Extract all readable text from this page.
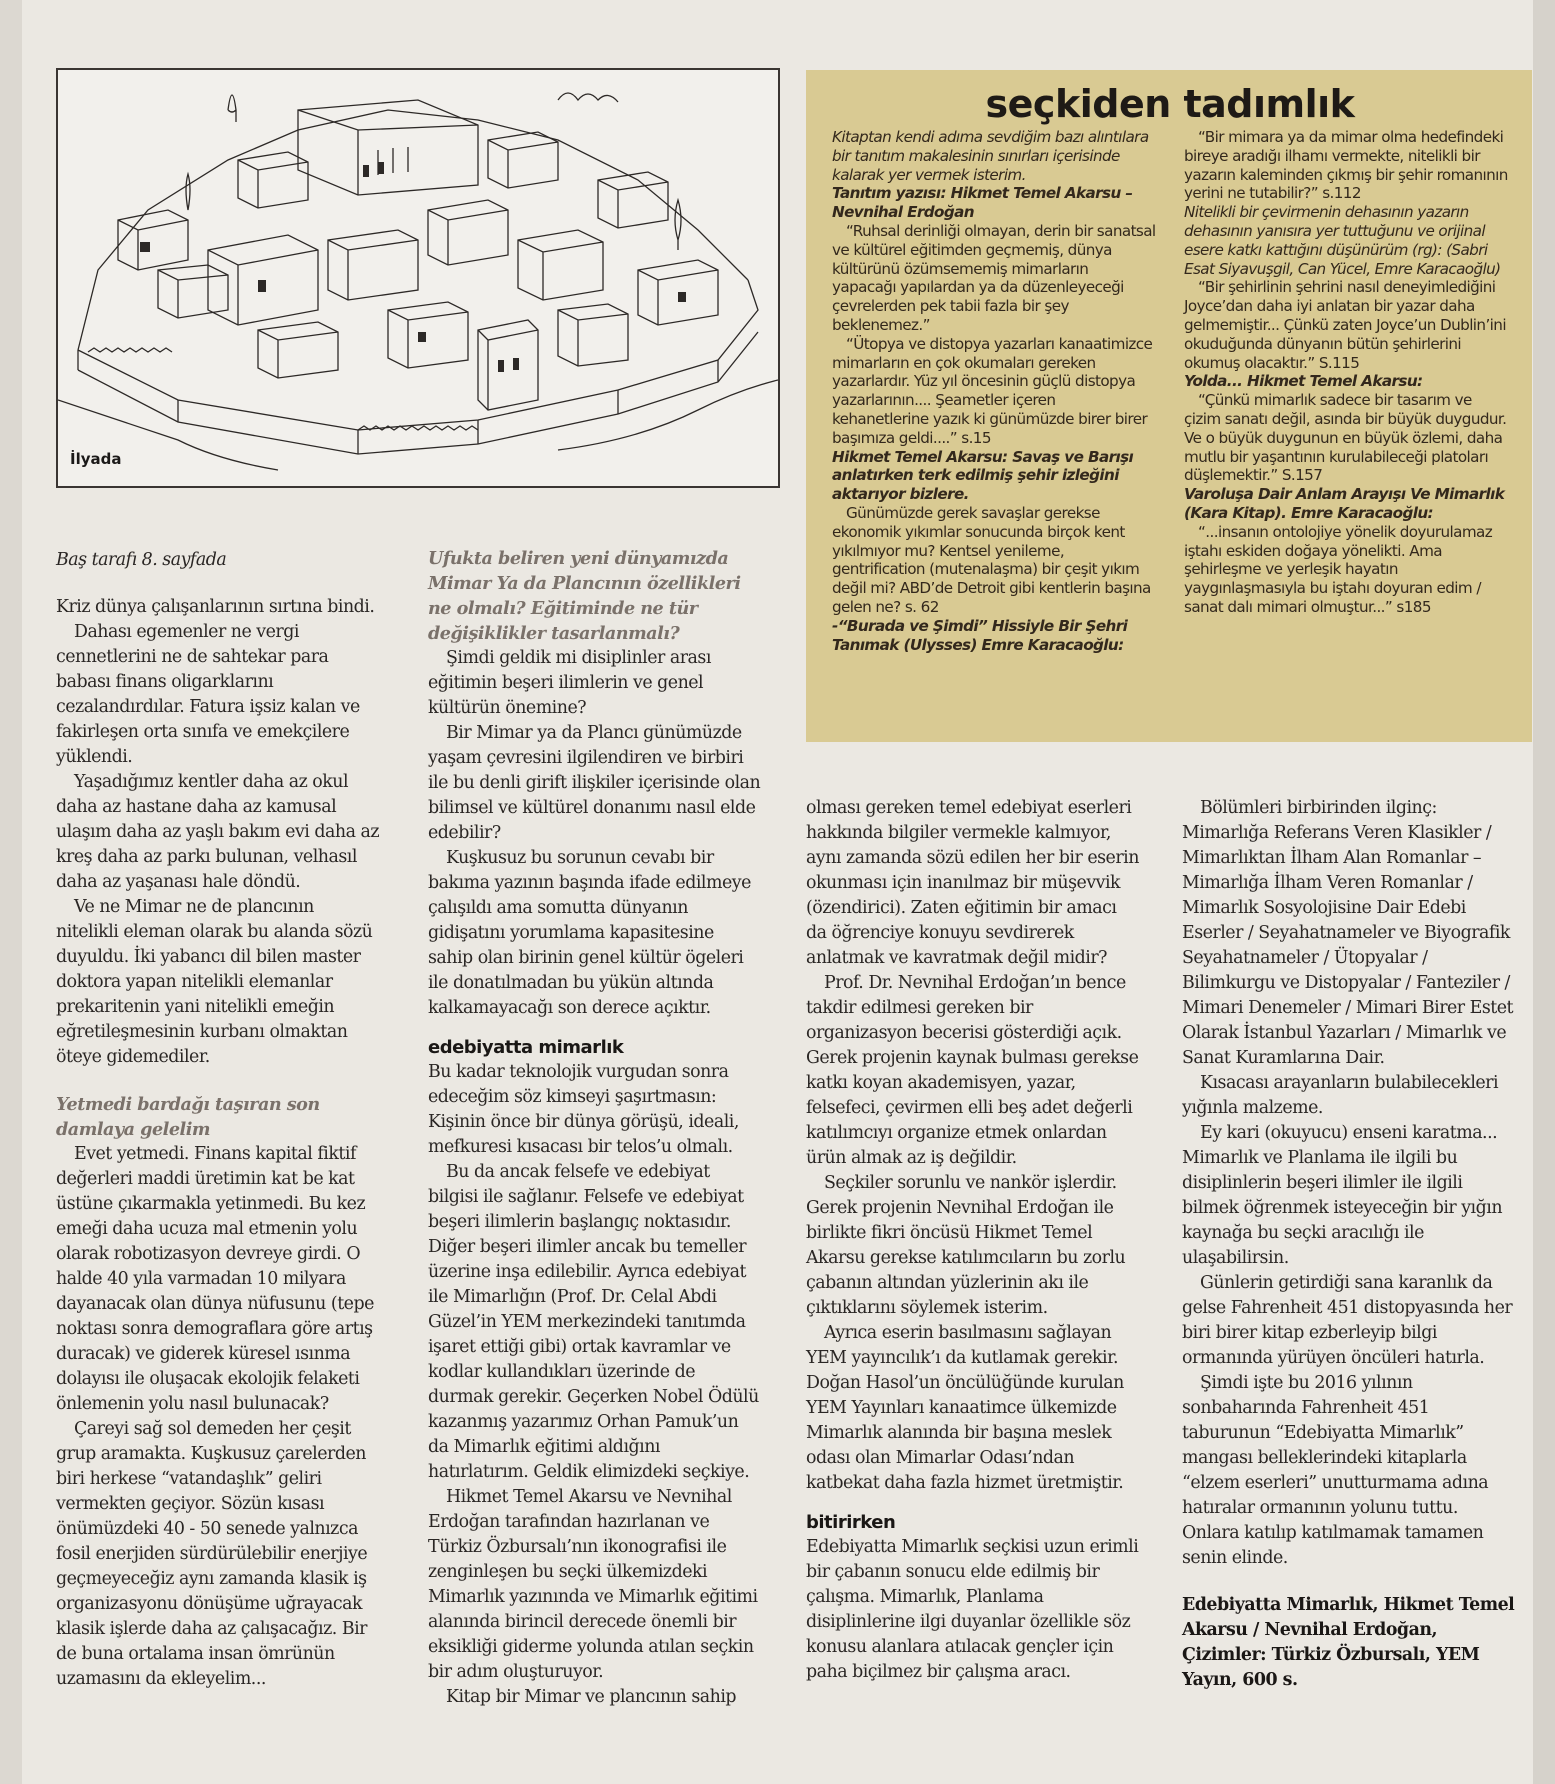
İlyada
seçkiden tadımlık

Kitaptan kendi adıma sevdiğim bazı alıntılara bir tanıtım makalesinin sınırları içerisinde kalarak yer vermek isterim.

Tanıtım yazısı: Hikmet Temel Akarsu – Nevnihal Erdoğan

“Ruhsal derinliği olmayan, derin bir sanatsal ve kültürel eğitimden geçmemiş, dünya kültürünü özümsememiş mimarların yapacağı yapılardan ya da düzenleyeceği çevrelerden pek tabii fazla bir şey beklenemez.”

“Ütopya ve distopya yazarları kanaatimizce mimarların en çok okumaları gereken yazarlardır. Yüz yıl öncesinin güçlü distopya yazarlarının.... Şeametler içeren kehanetlerine yazık ki günümüzde birer birer başımıza geldi....” s.15

Hikmet Temel Akarsu: Savaş ve Barışı anlatırken terk edilmiş şehir izleğini aktarıyor bizlere.

Günümüzde gerek savaşlar gerekse ekonomik yıkımlar sonucunda birçok kent yıkılmıyor mu? Kentsel yenileme, gentrification (mutenalaşma) bir çeşit yıkım değil mi? ABD’de Detroit gibi kentlerin başına gelen ne? s. 62

-“Burada ve Şimdi” Hissiyle Bir Şehri Tanımak (Ulysses) Emre Karacaoğlu:

“Bir mimara ya da mimar olma hedefindeki bireye aradığı ilhamı vermekte, nitelikli bir yazarın kaleminden çıkmış bir şehir romanının yerini ne tutabilir?” s.112

Nitelikli bir çevirmenin dehasının yazarın dehasının yanısıra yer tuttuğunu ve orijinal esere katkı kattığını düşünürüm (rg): (Sabri Esat Siyavuşgil, Can Yücel, Emre Karacaoğlu)

“Bir şehirlinin şehrini nasıl deneyimlediğini Joyce’dan daha iyi anlatan bir yazar daha gelmemiştir... Çünkü zaten Joyce’un Dublin’ini okuduğunda dünyanın bütün şehirlerini okumuş olacaktır.” S.115

Yolda... Hikmet Temel Akarsu:

“Çünkü mimarlık sadece bir tasarım ve çizim sanatı değil, asında bir büyük duygudur. Ve o büyük duygunun en büyük özlemi, daha mutlu bir yaşantının kurulabileceği platoları düşlemektir.” S.157

Varoluşa Dair Anlam Arayışı Ve Mimarlık (Kara Kitap). Emre Karacaoğlu:

“...insanın ontolojiye yönelik doyurulamaz iştahı eskiden doğaya yönelikti. Ama şehirleşme ve yerleşik hayatın yaygınlaşmasıyla bu iştahı doyuran edim / sanat dalı mimari olmuştur...” s185

Baş tarafı 8. sayfada

Kriz dünya çalışanlarının sırtına bindi.

Dahası egemenler ne vergi cennetlerini ne de sahtekar para babası finans oligarklarını cezalandırdılar. Fatura işsiz kalan ve fakirleşen orta sınıfa ve emekçilere yüklendi.

Yaşadığımız kentler daha az okul daha az hastane daha az kamusal ulaşım daha az yaşlı bakım evi daha az kreş daha az parkı bulunan, velhasıl daha az yaşanası hale döndü.

Ve ne Mimar ne de plancının nitelikli eleman olarak bu alanda sözü duyuldu. İki yabancı dil bilen master doktora yapan nitelikli elemanlar prekaritenin yani nitelikli emeğin eğretileşmesinin kurbanı olmaktan öteye gidemediler.

Yetmedi bardağı taşıran son damlaya gelelim

Evet yetmedi. Finans kapital fiktif değerleri maddi üretimin kat be kat üstüne çıkarmakla yetinmedi. Bu kez emeği daha ucuza mal etmenin yolu olarak robotizasyon devreye girdi. O halde 40 yıla varmadan 10 milyara dayanacak olan dünya nüfusunu (tepe noktası sonra demograflara göre artış duracak) ve giderek küresel ısınma dolayısı ile oluşacak ekolojik felaketi önlemenin yolu nasıl bulunacak?

Çareyi sağ sol demeden her çeşit grup aramakta. Kuşkusuz çarelerden biri herkese “vatandaşlık” geliri vermekten geçiyor. Sözün kısası önümüzdeki 40 - 50 senede yalnızca fosil enerjiden sürdürülebilir enerjiye geçmeyeceğiz aynı zamanda klasik iş organizasyonu dönüşüme uğrayacak klasik işlerde daha az çalışacağız. Bir de buna ortalama insan ömrünün uzamasını da ekleyelim...

Ufukta beliren yeni dünyamızda Mimar Ya da Plancının özellikleri ne olmalı? Eğitiminde ne tür değişiklikler tasarlanmalı?

Şimdi geldik mi disiplinler arası eğitimin beşeri ilimlerin ve genel kültürün önemine?

Bir Mimar ya da Plancı günümüzde yaşam çevresini ilgilendiren ve birbiri ile bu denli girift ilişkiler içerisinde olan bilimsel ve kültürel donanımı nasıl elde edebilir?

Kuşkusuz bu sorunun cevabı bir bakıma yazının başında ifade edilmeye çalışıldı ama somutta dünyanın gidişatını yorumlama kapasitesine sahip olan birinin genel kültür ögeleri ile donatılmadan bu yükün altında kalkamayacağı son derece açıktır.

edebiyatta mimarlık

Bu kadar teknolojik vurgudan sonra edeceğim söz kimseyi şaşırtmasın: Kişinin önce bir dünya görüşü, ideali, mefkuresi kısacası bir telos’u olmalı.

Bu da ancak felsefe ve edebiyat bilgisi ile sağlanır. Felsefe ve edebiyat beşeri ilimlerin başlangıç noktasıdır. Diğer beşeri ilimler ancak bu temeller üzerine inşa edilebilir. Ayrıca edebiyat ile Mimarlığın (Prof. Dr. Celal Abdi Güzel’in YEM merkezindeki tanıtımda işaret ettiği gibi) ortak kavramlar ve kodlar kullandıkları üzerinde de durmak gerekir. Geçerken Nobel Ödülü kazanmış yazarımız Orhan Pamuk’un da Mimarlık eğitimi aldığını hatırlatırım. Geldik elimizdeki seçkiye.

Hikmet Temel Akarsu ve Nevnihal Erdoğan tarafından hazırlanan ve Türkiz Özbursalı’nın ikonografisi ile zenginleşen bu seçki ülkemizdeki Mimarlık yazınında ve Mimarlık eğitimi alanında birincil derecede önemli bir eksikliği giderme yolunda atılan seçkin bir adım oluşturuyor.

Kitap bir Mimar ve plancının sahip

olması gereken temel edebiyat eserleri hakkında bilgiler vermekle kalmıyor, aynı zamanda sözü edilen her bir eserin okunması için inanılmaz bir müşevvik (özendirici). Zaten eğitimin bir amacı da öğrenciye konuyu sevdirerek anlatmak ve kavratmak değil midir?

Prof. Dr. Nevnihal Erdoğan’ın bence takdir edilmesi gereken bir organizasyon becerisi gösterdiği açık. Gerek projenin kaynak bulması gerekse katkı koyan akademisyen, yazar, felsefeci, çevirmen elli beş adet değerli katılımcıyı organize etmek onlardan ürün almak az iş değildir.

Seçkiler sorunlu ve nankör işlerdir. Gerek projenin Nevnihal Erdoğan ile birlikte fikri öncüsü Hikmet Temel Akarsu gerekse katılımcıların bu zorlu çabanın altından yüzlerinin akı ile çıktıklarını söylemek isterim.

Ayrıca eserin basılmasını sağlayan YEM yayıncılık’ı da kutlamak gerekir. Doğan Hasol’un öncülüğünde kurulan YEM Yayınları kanaatimce ülkemizde Mimarlık alanında bir başına meslek odası olan Mimarlar Odası’ndan katbekat daha fazla hizmet üretmiştir.

bitirirken

Edebiyatta Mimarlık seçkisi uzun erimli bir çabanın sonucu elde edilmiş bir çalışma. Mimarlık, Planlama disiplinlerine ilgi duyanlar özellikle söz konusu alanlara atılacak gençler için paha biçilmez bir çalışma aracı.

Bölümleri birbirinden ilginç: Mimarlığa Referans Veren Klasikler / Mimarlıktan İlham Alan Romanlar – Mimarlığa İlham Veren Romanlar / Mimarlık Sosyolojisine Dair Edebi Eserler / Seyahatnameler ve Biyografik Seyahatnameler / Ütopyalar / Bilimkurgu ve Distopyalar / Fanteziler / Mimari Denemeler / Mimari Birer Estet Olarak İstanbul Yazarları / Mimarlık ve Sanat Kuramlarına Dair.

Kısacası arayanların bulabilecekleri yığınla malzeme.

Ey kari (okuyucu) enseni karatma... Mimarlık ve Planlama ile ilgili bu disiplinlerin beşeri ilimler ile ilgili bilmek öğrenmek isteyeceğin bir yığın kaynağa bu seçki aracılığı ile ulaşabilirsin.

Günlerin getirdiği sana karanlık da gelse Fahrenheit 451 distopyasında her biri birer kitap ezberleyip bilgi ormanında yürüyen öncüleri hatırla.

Şimdi işte bu 2016 yılının sonbaharında Fahrenheit 451 taburunun “Edebiyatta Mimarlık” mangası belleklerindeki kitaplarla “elzem eserleri” unutturmama adına hatıralar ormanının yolunu tuttu. Onlara katılıp katılmamak tamamen senin elinde.

Edebiyatta Mimarlık, Hikmet Temel Akarsu / Nevnihal Erdoğan, Çizimler: Türkiz Özbursalı, YEM Yayın, 600 s.
